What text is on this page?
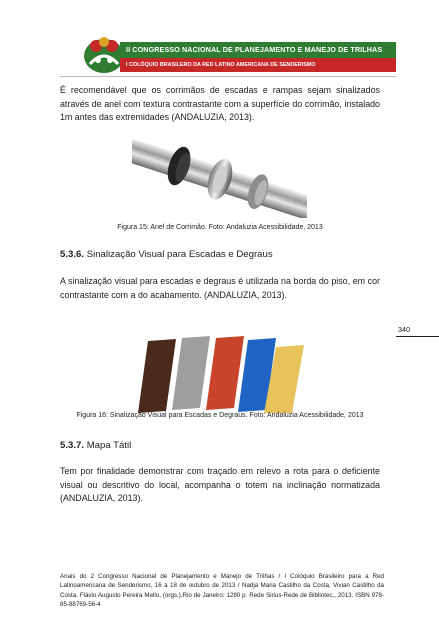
II CONGRESSO NACIONAL DE PLANEJAMENTO E MANEJO DE TRILHAS
I COLÓQUIO BRASILERO DA RED LATINO AMERICANA DE SENDERISMO
É recomendável que os corrimãos de escadas e rampas sejam sinalizados através de anel com textura contrastante com a superfície do corrimão, instalado 1m antes das extremidades (ANDALUZIA, 2013).
Figura 15: Anel de Corrimão. Foto: Andaluzia Acessibilidade, 2013
5.3.6. Sinalização Visual para Escadas e Degraus
A sinalização visual para escadas e degraus é utilizada na borda do piso, em cor contrastante com a do acabamento. (ANDALUZIA, 2013).
340
Figura 16: Sinalização Visual para Escadas e Degraus. Foto: Andaluzia Acessibilidade, 2013
5.3.7. Mapa Tátil
Tem por finalidade demonstrar com traçado em relevo a rota para o deficiente visual ou descritivo do local, acompanha o totem na inclinação normatizada (ANDALUZIA, 2013).
Anais do 2 Congresso Nacional de Planejamento e Manejo de Trilhas / I Colóquio Brasileiro para a Red Latinoamericana de Senderismo, 16 a 18 de outubro de 2013 / Nadja Maria Castilho da Costa, Vivian Castilho da Costa, Flávio Augusto Pereira Mello, (orgs.).Rio de Janeiro: 1280 p. Rede Sirius-Rede de Bibliotec., 2013. ISBN 978-85-88769-56-4
